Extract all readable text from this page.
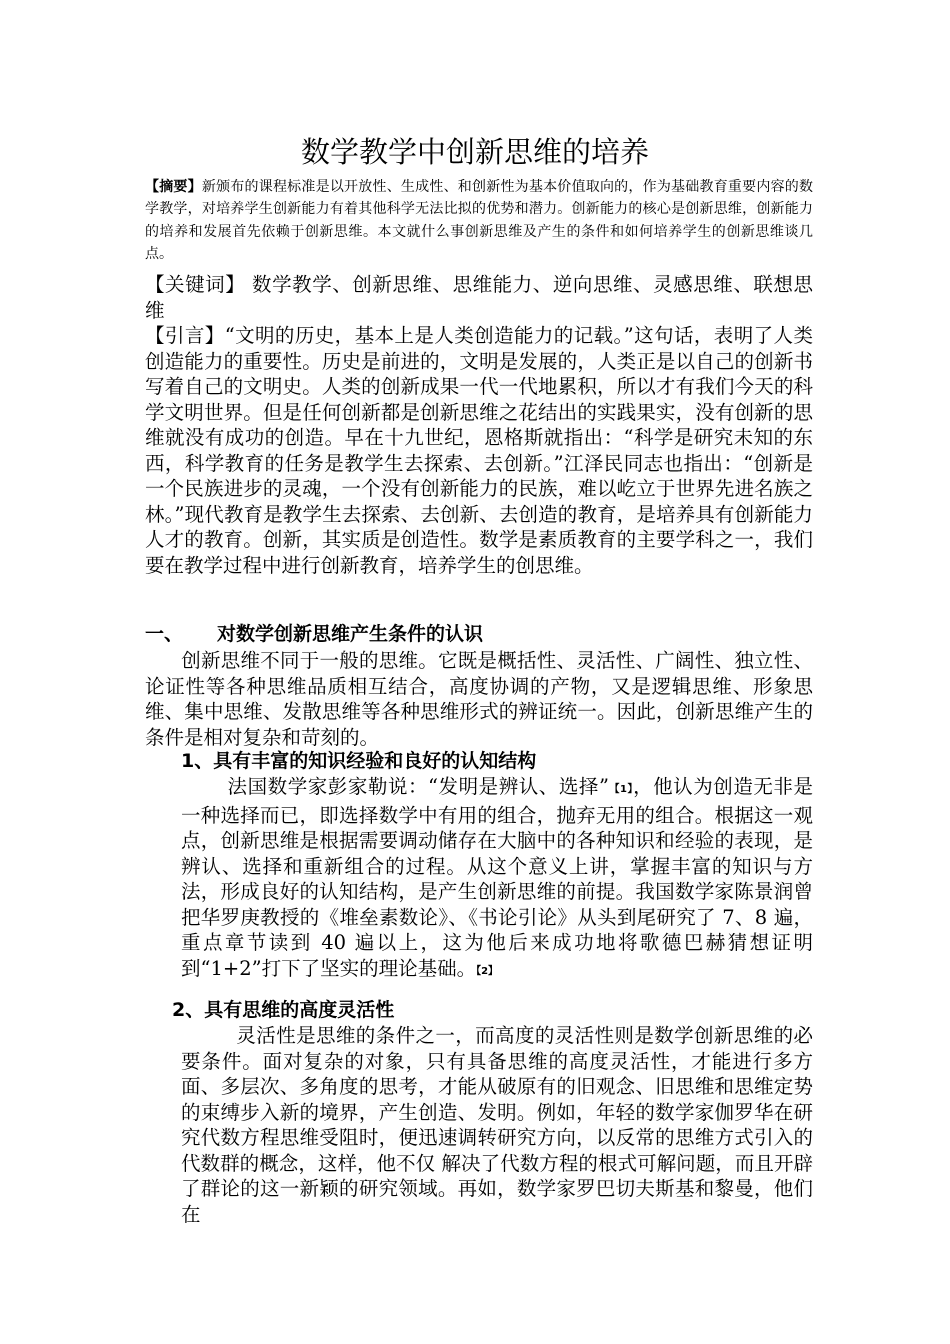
数学教学中创新思维的培养

【摘要】新颁布的课程标准是以开放性、生成性、和创新性为基本价值取向的，作为基础教育重要内容的数学教学，对培养学生创新能力有着其他科学无法比拟的优势和潜力。创新能力的核心是创新思维，创新能力的培养和发展首先依赖于创新思维。本文就什么事创新思维及产生的条件和如何培养学生的创新思维谈几点。

【关键词】 数学教学、创新思维、思维能力、逆向思维、灵感思维、联想思维

【引言】“文明的历史，基本上是人类创造能力的记载。”这句话，表明了人类创造能力的重要性。历史是前进的，文明是发展的，人类正是以自己的创新书写着自己的文明史。人类的创新成果一代一代地累积，所以才有我们今天的科学文明世界。但是任何创新都是创新思维之花结出的实践果实，没有创新的思维就没有成功的创造。早在十九世纪，恩格斯就指出：“科学是研究未知的东西，科学教育的任务是教学生去探索、去创新。”江泽民同志也指出：“创新是一个民族进步的灵魂，一个没有创新能力的民族，难以屹立于世界先进名族之林。”现代教育是教学生去探索、去创新、去创造的教育，是培养具有创新能力人才的教育。创新，其实质是创造性。数学是素质教育的主要学科之一，我们要在教学过程中进行创新教育，培养学生的创思维。

一、 对数学创新思维产生条件的认识

创新思维不同于一般的思维。它既是概括性、灵活性、广阔性、独立性、论证性等各种思维品质相互结合，高度协调的产物，又是逻辑思维、形象思维、集中思维、发散思维等各种思维形式的辨证统一。因此，创新思维产生的条件是相对复杂和苛刻的。

1、具有丰富的知识经验和良好的认知结构

法国数学家彭家勒说：“发明是辨认、选择”【1】，他认为创造无非是一种选择而已，即选择数学中有用的组合，抛弃无用的组合。根据这一观点，创新思维是根据需要调动储存在大脑中的各种知识和经验的表现，是辨认、选择和重新组合的过程。从这个意义上讲，掌握丰富的知识与方法，形成良好的认知结构，是产生创新思维的前提。我国数学家陈景润曾把华罗庚教授的《堆垒素数论》、《书论引论》从头到尾研究了 7、8 遍，重点章节读到 40 遍以上，这为他后来成功地将歌德巴赫猜想证明到“1+2”打下了坚实的理论基础。【2】

2、具有思维的高度灵活性

灵活性是思维的条件之一，而高度的灵活性则是数学创新思维的必要条件。面对复杂的对象，只有具备思维的高度灵活性，才能进行多方面、多层次、多角度的思考，才能从破原有的旧观念、旧思维和思维定势的束缚步入新的境界，产生创造、发明。例如，年轻的数学家伽罗华在研究代数方程思维受阻时，便迅速调转研究方向，以反常的思维方式引入的代数群的概念，这样，他不仅 解决了代数方程的根式可解问题，而且开辟了群论的这一新颖的研究领域。再如，数学家罗巴切夫斯基和黎曼，他们在
